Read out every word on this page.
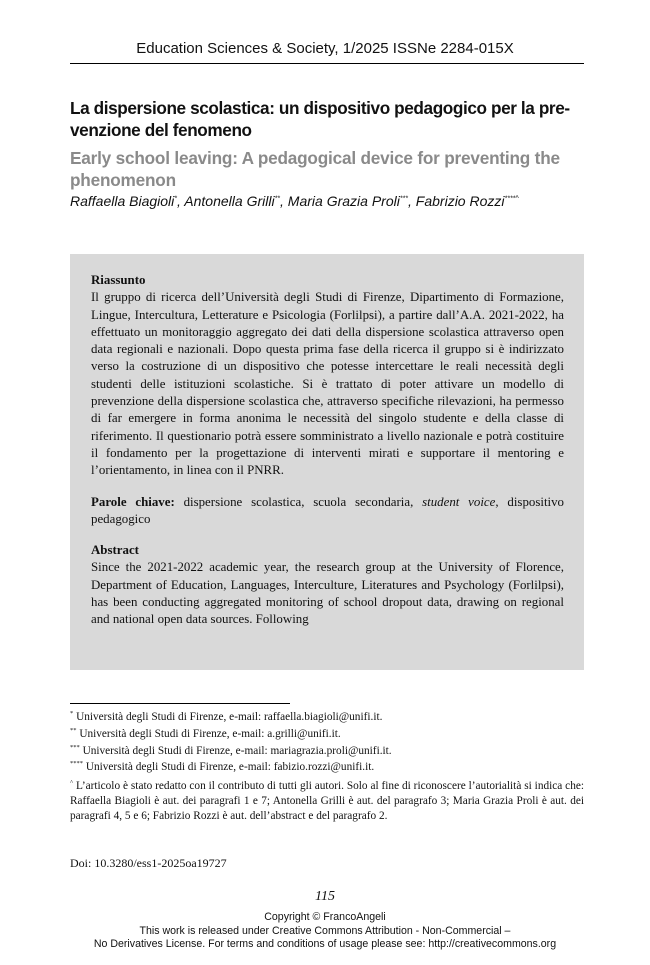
Education Sciences & Society, 1/2025 ISSNe 2284-015X
La dispersione scolastica: un dispositivo pedagogico per la pre-venzione del fenomeno
Early school leaving: A pedagogical device for preventing the phenomenon
Raffaella Biagioli*, Antonella Grilli**, Maria Grazia Proli***, Fabrizio Rozzi****^
Riassunto
Il gruppo di ricerca dell’Università degli Studi di Firenze, Dipartimento di Formazione, Lingue, Intercultura, Letterature e Psicologia (Forlilpsi), a partire dall’A.A. 2021-2022, ha effettuato un monitoraggio aggregato dei dati della dispersione scolastica attraverso open data regionali e nazionali. Dopo questa prima fase della ricerca il gruppo si è indirizzato verso la costruzione di un dispositivo che potesse intercettare le reali necessità degli studenti delle istituzioni scolastiche. Si è trattato di poter attivare un modello di prevenzione della dispersione scolastica che, attraverso specifiche rilevazioni, ha permesso di far emergere in forma anonima le necessità del singolo studente e della classe di riferimento. Il questionario potrà essere somministrato a livello nazionale e potrà costituire il fondamento per la progettazione di interventi mirati e supportare il mentoring e l’orientamento, in linea con il PNRR.
Parole chiave: dispersione scolastica, scuola secondaria, student voice, dispositivo pedagogico
Abstract
Since the 2021-2022 academic year, the research group at the University of Florence, Department of Education, Languages, Interculture, Literatures and Psychology (Forlilpsi), has been conducting aggregated monitoring of school dropout data, drawing on regional and national open data sources. Following
* Università degli Studi di Firenze, e-mail: raffaella.biagioli@unifi.it.
** Università degli Studi di Firenze, e-mail: a.grilli@unifi.it.
*** Università degli Studi di Firenze, e-mail: mariagrazia.proli@unifi.it.
**** Università degli Studi di Firenze, e-mail: fabizio.rozzi@unifi.it.
^ L’articolo è stato redatto con il contributo di tutti gli autori. Solo al fine di riconoscere l’autorialità si indica che: Raffaella Biagioli è aut. dei paragrafi 1 e 7; Antonella Grilli è aut. del paragrafo 3; Maria Grazia Proli è aut. dei paragrafi 4, 5 e 6; Fabrizio Rozzi è aut. dell’abstract e del paragrafo 2.
Doi: 10.3280/ess1-2025oa19727
115
Copyright © FrancoAngeli
This work is released under Creative Commons Attribution - Non-Commercial –
No Derivatives License. For terms and conditions of usage please see: http://creativecommons.org
